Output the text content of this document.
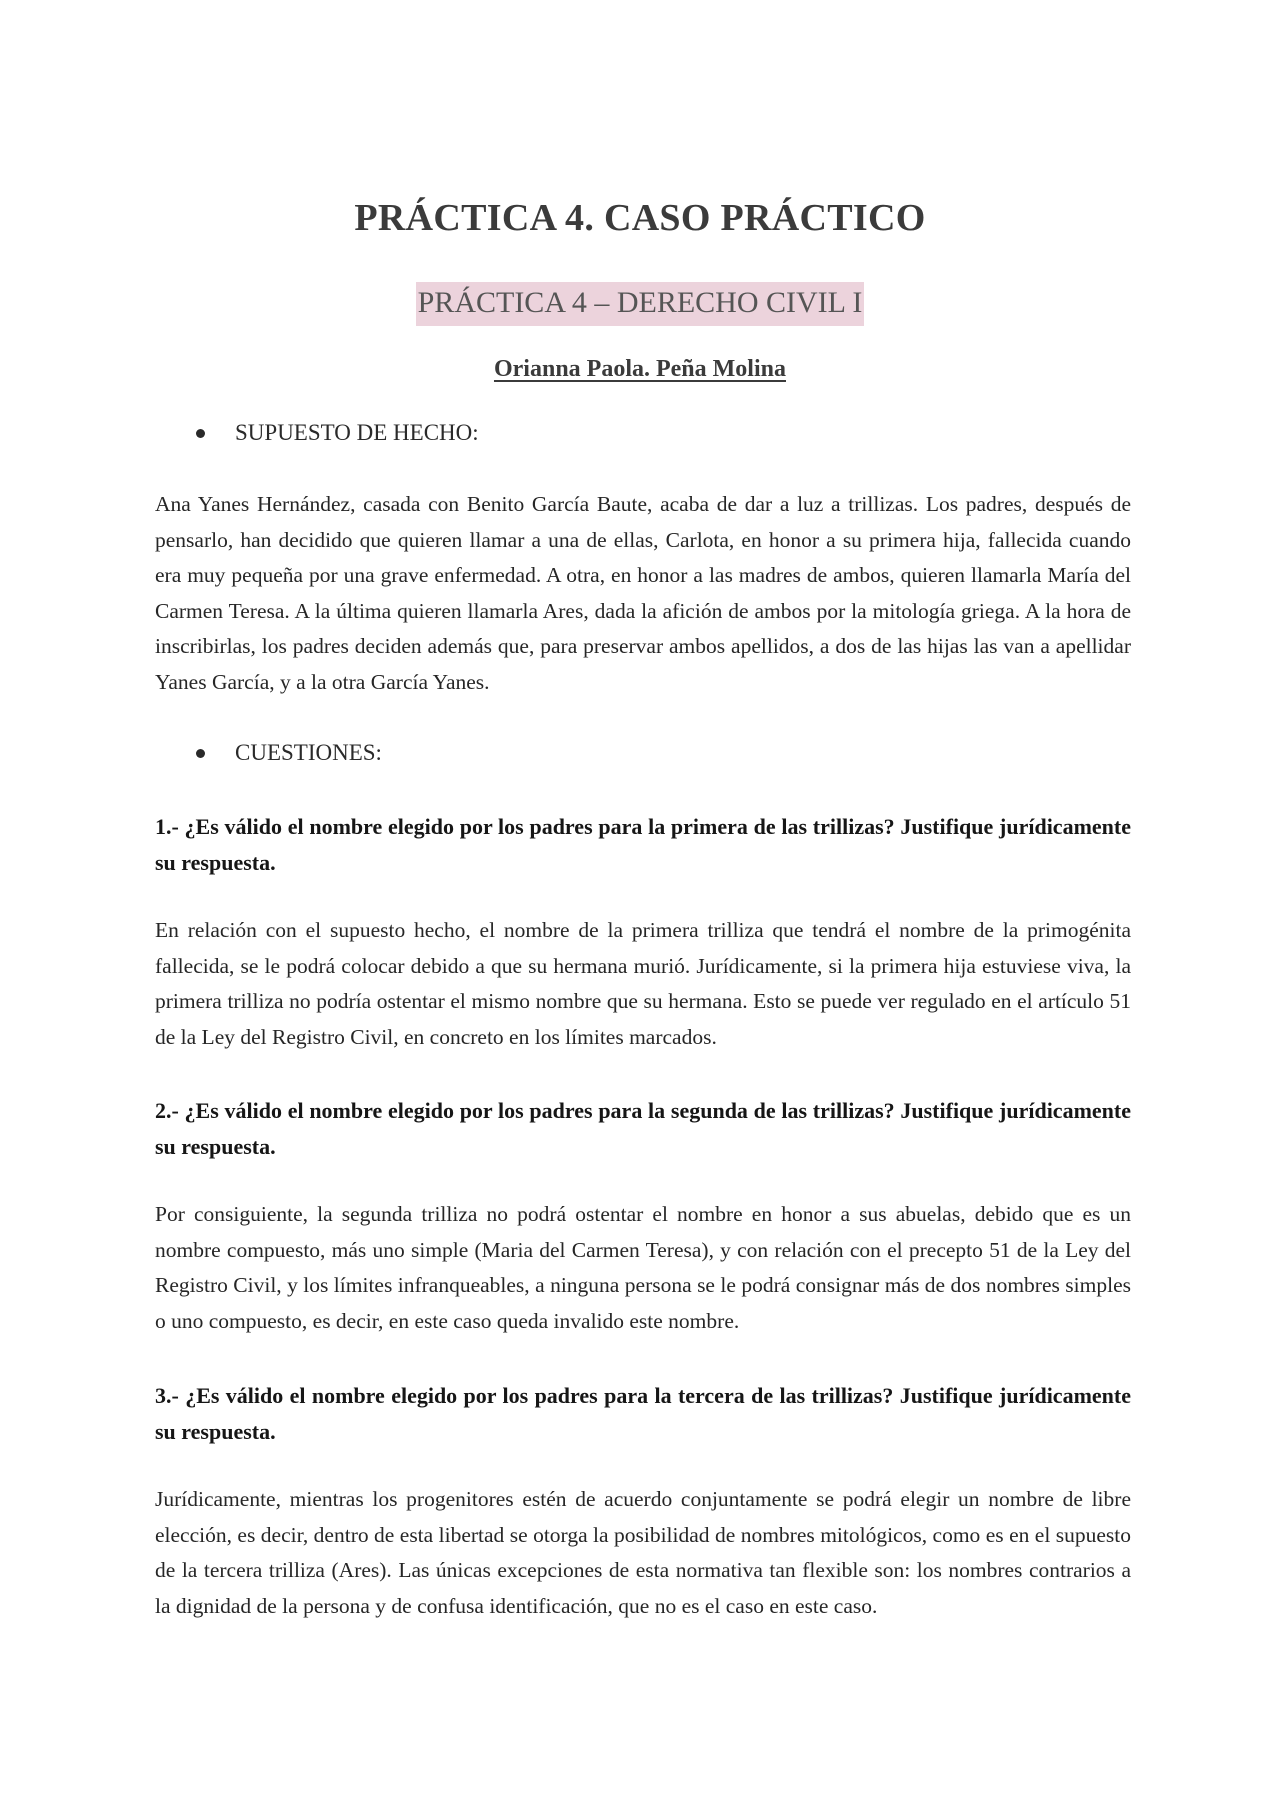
PRÁCTICA 4. CASO PRÁCTICO
PRÁCTICA 4 – DERECHO CIVIL I
Orianna Paola. Peña Molina
SUPUESTO DE HECHO:

Ana Yanes Hernández, casada con Benito García Baute, acaba de dar a luz a trillizas. Los padres, después de pensarlo, han decidido que quieren llamar a una de ellas, Carlota, en honor a su primera hija, fallecida cuando era muy pequeña por una grave enfermedad. A otra, en honor a las madres de ambos, quieren llamarla María del Carmen Teresa. A la última quieren llamarla Ares, dada la afición de ambos por la mitología griega. A la hora de inscribirlas, los padres deciden además que, para preservar ambos apellidos, a dos de las hijas las van a apellidar Yanes García, y a la otra García Yanes.

CUESTIONES:

1.- ¿Es válido el nombre elegido por los padres para la primera de las trillizas? Justifique jurídicamente su respuesta.

En relación con el supuesto hecho, el nombre de la primera trilliza que tendrá el nombre de la primogénita fallecida, se le podrá colocar debido a que su hermana murió. Jurídicamente, si la primera hija estuviese viva, la primera trilliza no podría ostentar el mismo nombre que su hermana. Esto se puede ver regulado en el artículo 51 de la Ley del Registro Civil, en concreto en los límites marcados.

2.- ¿Es válido el nombre elegido por los padres para la segunda de las trillizas? Justifique jurídicamente su respuesta.

Por consiguiente, la segunda trilliza no podrá ostentar el nombre en honor a sus abuelas, debido que es un nombre compuesto, más uno simple (Maria del Carmen Teresa), y con relación con el precepto 51 de la Ley del Registro Civil, y los límites infranqueables, a ninguna persona se le podrá consignar más de dos nombres simples o uno compuesto, es decir, en este caso queda invalido este nombre.

3.- ¿Es válido el nombre elegido por los padres para la tercera de las trillizas? Justifique jurídicamente su respuesta.

Jurídicamente, mientras los progenitores estén de acuerdo conjuntamente se podrá elegir un nombre de libre elección, es decir, dentro de esta libertad se otorga la posibilidad de nombres mitológicos, como es en el supuesto de la tercera trilliza (Ares). Las únicas excepciones de esta normativa tan flexible son: los nombres contrarios a la dignidad de la persona y de confusa identificación, que no es el caso en este caso.
